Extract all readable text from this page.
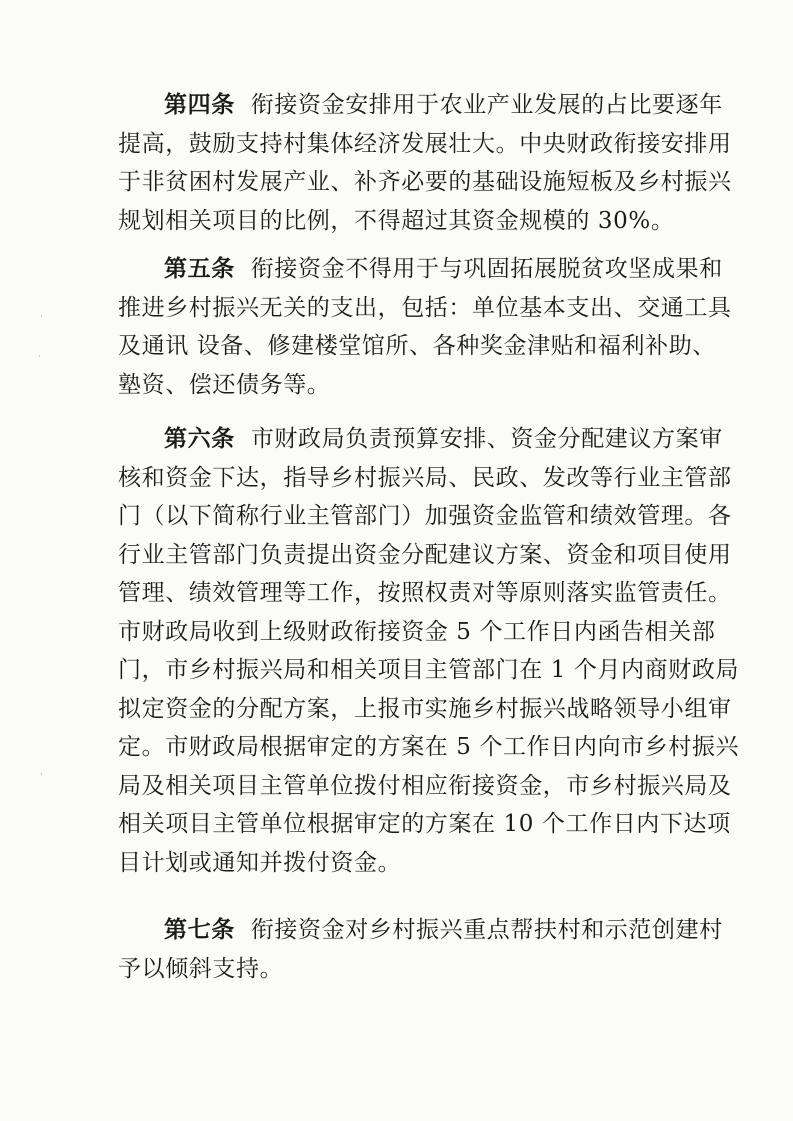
第四条 衔接资金安排用于农业产业发展的占比要逐年
提高，鼓励支持村集体经济发展壮大。中央财政衔接安排用
于非贫困村发展产业、补齐必要的基础设施短板及乡村振兴
规划相关项目的比例，不得超过其资金规模的 30%。
第五条 衔接资金不得用于与巩固拓展脱贫攻坚成果和
推进乡村振兴无关的支出，包括：单位基本支出、交通工具
及通讯 设备、修建楼堂馆所、各种奖金津贴和福利补助、
塾资、偿还债务等。
第六条 市财政局负责预算安排、资金分配建议方案审
核和资金下达，指导乡村振兴局、民政、发改等行业主管部
门（以下简称行业主管部门）加强资金监管和绩效管理。各
行业主管部门负责提出资金分配建议方案、资金和项目使用
管理、绩效管理等工作，按照权责对等原则落实监管责任。
市财政局收到上级财政衔接资金 5 个工作日内函告相关部
门，市乡村振兴局和相关项目主管部门在 1 个月内商财政局
拟定资金的分配方案，上报市实施乡村振兴战略领导小组审
定。市财政局根据审定的方案在 5 个工作日内向市乡村振兴
局及相关项目主管单位拨付相应衔接资金，市乡村振兴局及
相关项目主管单位根据审定的方案在 10 个工作日内下达项
目计划或通知并拨付资金。
第七条 衔接资金对乡村振兴重点帮扶村和示范创建村
予以倾斜支持。
·
·
·
